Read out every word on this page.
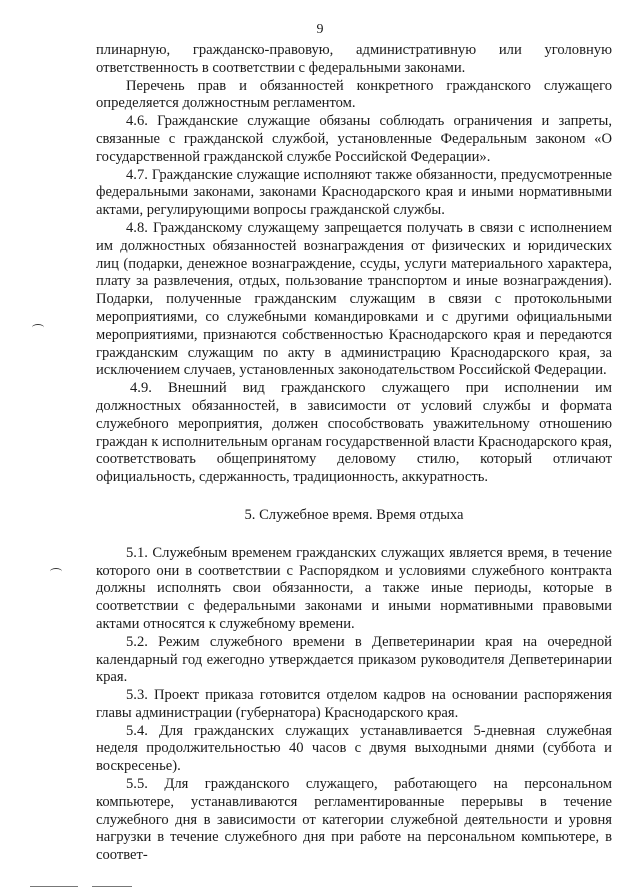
9

плинарную, гражданско-правовую, административную или уголовную ответственность в соответствии с федеральными законами.

Перечень прав и обязанностей конкретного гражданского служащего определяется должностным регламентом.

4.6. Гражданские служащие обязаны соблюдать ограничения и запреты, связанные с гражданской службой, установленные Федеральным законом «О государственной гражданской службе Российской Федерации».

4.7. Гражданские служащие исполняют также обязанности, предусмотренные федеральными законами, законами Краснодарского края и иными нормативными актами, регулирующими вопросы гражданской службы.

4.8. Гражданскому служащему запрещается получать в связи с исполнением им должностных обязанностей вознаграждения от физических и юридических лиц (подарки, денежное вознаграждение, ссуды, услуги материального характера, плату за развлечения, отдых, пользование транспортом и иные вознаграждения). Подарки, полученные гражданским служащим в связи с протокольными мероприятиями, со служебными командировками и с другими официальными мероприятиями, признаются собственностью Краснодарского края и передаются гражданским служащим по акту в администрацию Краснодарского края, за исключением случаев, установленных законодательством Российской Федерации.

4.9. Внешний вид гражданского служащего при исполнении им должностных обязанностей, в зависимости от условий службы и формата служебного мероприятия, должен способствовать уважительному отношению граждан к исполнительным органам государственной власти Краснодарского края, соответствовать общепринятому деловому стилю, который отличают официальность, сдержанность, традиционность, аккуратность.

5. Служебное время. Время отдыха

5.1. Служебным временем гражданских служащих является время, в течение которого они в соответствии с Распорядком и условиями служебного контракта должны исполнять свои обязанности, а также иные периоды, которые в соответствии с федеральными законами и иными нормативными правовыми актами относятся к служебному времени.

5.2. Режим служебного времени в Депветеринарии края на очередной календарный год ежегодно утверждается приказом руководителя Депветеринарии края.

5.3. Проект приказа готовится отделом кадров на основании распоряжения главы администрации (губернатора) Краснодарского края.

5.4. Для гражданских служащих устанавливается 5-дневная служебная неделя продолжительностью 40 часов с двумя выходными днями (суббота и воскресенье).

5.5. Для гражданского служащего, работающего на персональном компьютере, устанавливаются регламентированные перерывы в течение служебного дня в зависимости от категории служебной деятельности и уровня нагрузки в течение служебного дня при работе на персональном компьютере, в соответ-
